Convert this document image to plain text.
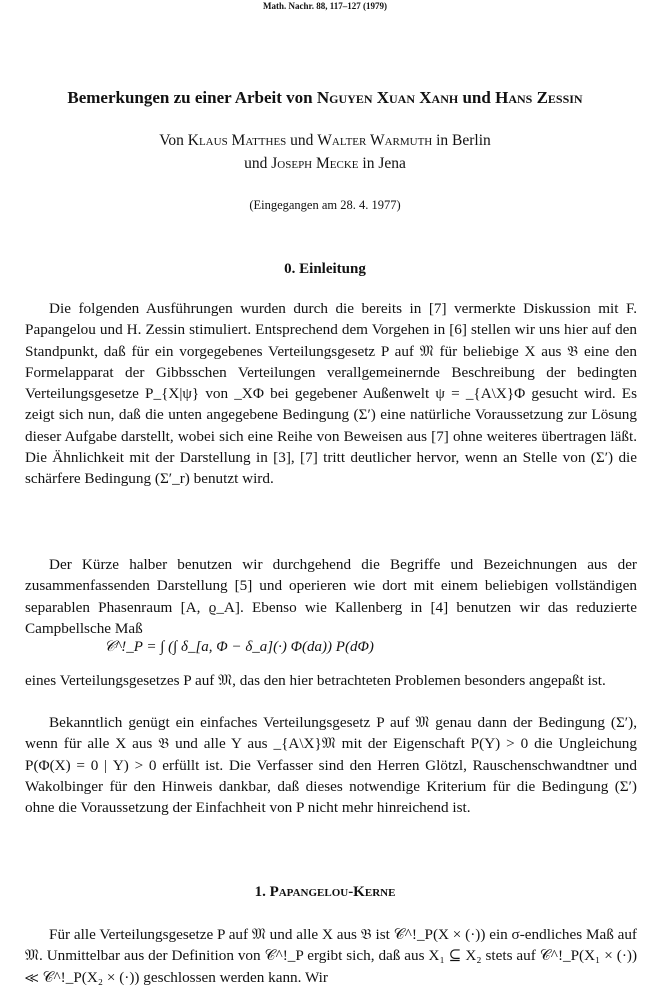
Math. Nachr. 88, 117–127 (1979)

Bemerkungen zu einer Arbeit von Nguyen Xuan Xanh und Hans Zessin

Von Klaus Matthes und Walter Warmuth in Berlin

und Joseph Mecke in Jena

(Eingegangen am 28. 4. 1977)

0. Einleitung

Die folgenden Ausführungen wurden durch die bereits in [7] vermerkte Diskussion mit F. Papangelou und H. Zessin stimuliert. Entsprechend dem Vorgehen in [6] stellen wir uns hier auf den Standpunkt, daß für ein vorgegebenes Verteilungsgesetz P auf 𝔐 für beliebige X aus 𝔅 eine den Formelapparat der Gibbsschen Verteilungen verallgemeinernde Beschreibung der bedingten Verteilungsgesetze P_{X|ψ} von _XΦ bei gegebener Außenwelt ψ = _{A\X}Φ gesucht wird. Es zeigt sich nun, daß die unten angegebene Bedingung (Σ′) eine natürliche Voraussetzung zur Lösung dieser Aufgabe darstellt, wobei sich eine Reihe von Beweisen aus [7] ohne weiteres übertragen läßt. Die Ähnlichkeit mit der Darstellung in [3], [7] tritt deutlicher hervor, wenn an Stelle von (Σ′) die schärfere Bedingung (Σ′_r) benutzt wird.

Der Kürze halber benutzen wir durchgehend die Begriffe und Bezeichnungen aus der zusammenfassenden Darstellung [5] und operieren wie dort mit einem beliebigen vollständigen separablen Phasenraum [A, ϱ_A]. Ebenso wie Kallenberg in [4] benutzen wir das reduzierte Campbellsche Maß

𝒞^!_P = ∫ (∫ δ_[a, Φ − δ_a](·) Φ(da)) P(dΦ)

eines Verteilungsgesetzes P auf 𝔐, das den hier betrachteten Problemen besonders angepaßt ist.

Bekanntlich genügt ein einfaches Verteilungsgesetz P auf 𝔐 genau dann der Bedingung (Σ′), wenn für alle X aus 𝔅 und alle Y aus _{A\X}𝔐 mit der Eigenschaft P(Y) > 0 die Ungleichung P(Φ(X) = 0 | Y) > 0 erfüllt ist. Die Verfasser sind den Herren Glötzl, Rauschenschwandtner und Wakolbinger für den Hinweis dankbar, daß dieses notwendige Kriterium für die Bedingung (Σ′) ohne die Voraussetzung der Einfachheit von P nicht mehr hinreichend ist.

1. Papangelou-Kerne

Für alle Verteilungsgesetze P auf 𝔐 und alle X aus 𝔅 ist 𝒞^!_P(X × (·)) ein σ-endliches Maß auf 𝔐. Unmittelbar aus der Definition von 𝒞^!_P ergibt sich, daß aus X₁ ⊆ X₂ stets auf 𝒞^!_P(X₁ × (·)) ≪ 𝒞^!_P(X₂ × (·)) geschlossen werden kann. Wir
